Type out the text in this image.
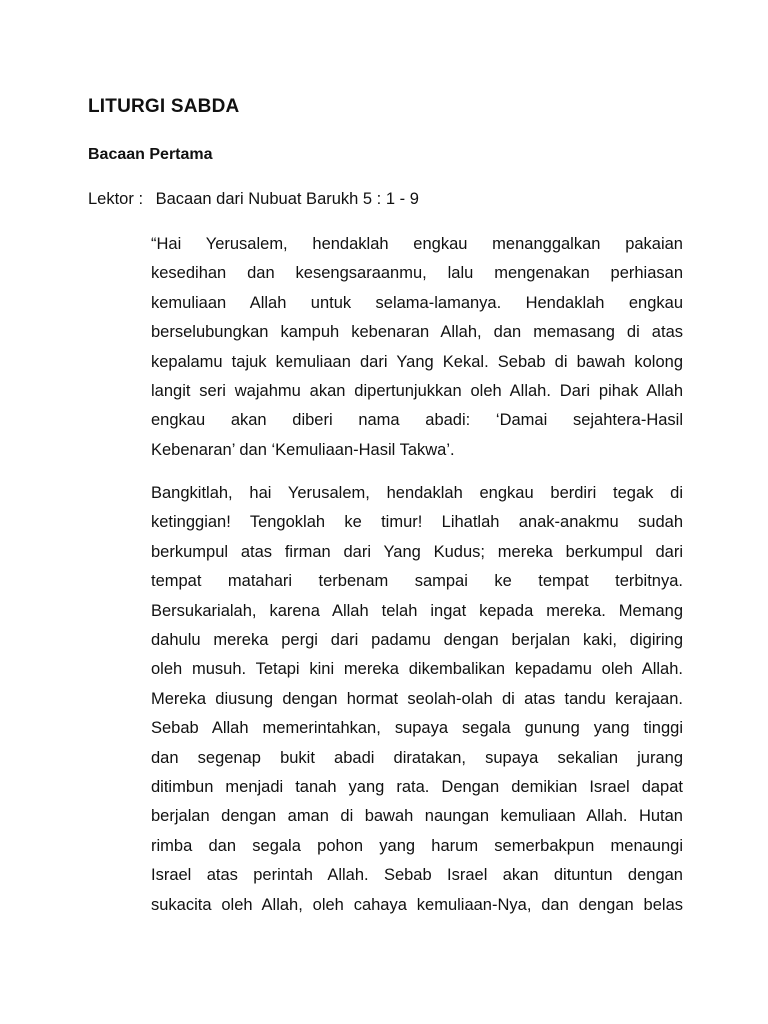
LITURGI SABDA
Bacaan Pertama

Lektor : Bacaan dari Nubuat Barukh 5 : 1 - 9

“Hai Yerusalem, hendaklah engkau menanggalkan pakaian
kesedihan dan kesengsaraanmu, lalu mengenakan perhiasan
kemuliaan Allah untuk selama-lamanya. Hendaklah engkau
berselubungkan kampuh kebenaran Allah, dan memasang di atas
kepalamu tajuk kemuliaan dari Yang Kekal. Sebab di bawah kolong
langit seri wajahmu akan dipertunjukkan oleh Allah. Dari pihak Allah
engkau akan diberi nama abadi: ‘Damai sejahtera-Hasil
Kebenaran’ dan ‘Kemuliaan-Hasil Takwa’.
Bangkitlah, hai Yerusalem, hendaklah engkau berdiri tegak di
ketinggian! Tengoklah ke timur! Lihatlah anak-anakmu sudah
berkumpul atas firman dari Yang Kudus; mereka berkumpul dari
tempat matahari terbenam sampai ke tempat terbitnya.
Bersukarialah, karena Allah telah ingat kepada mereka. Memang
dahulu mereka pergi dari padamu dengan berjalan kaki, digiring
oleh musuh. Tetapi kini mereka dikembalikan kepadamu oleh Allah.
Mereka diusung dengan hormat seolah-olah di atas tandu kerajaan.
Sebab Allah memerintahkan, supaya segala gunung yang tinggi
dan segenap bukit abadi diratakan, supaya sekalian jurang
ditimbun menjadi tanah yang rata. Dengan demikian Israel dapat
berjalan dengan aman di bawah naungan kemuliaan Allah. Hutan
rimba dan segala pohon yang harum semerbakpun menaungi
Israel atas perintah Allah. Sebab Israel akan dituntun dengan
sukacita oleh Allah, oleh cahaya kemuliaan-Nya, dan dengan belas
